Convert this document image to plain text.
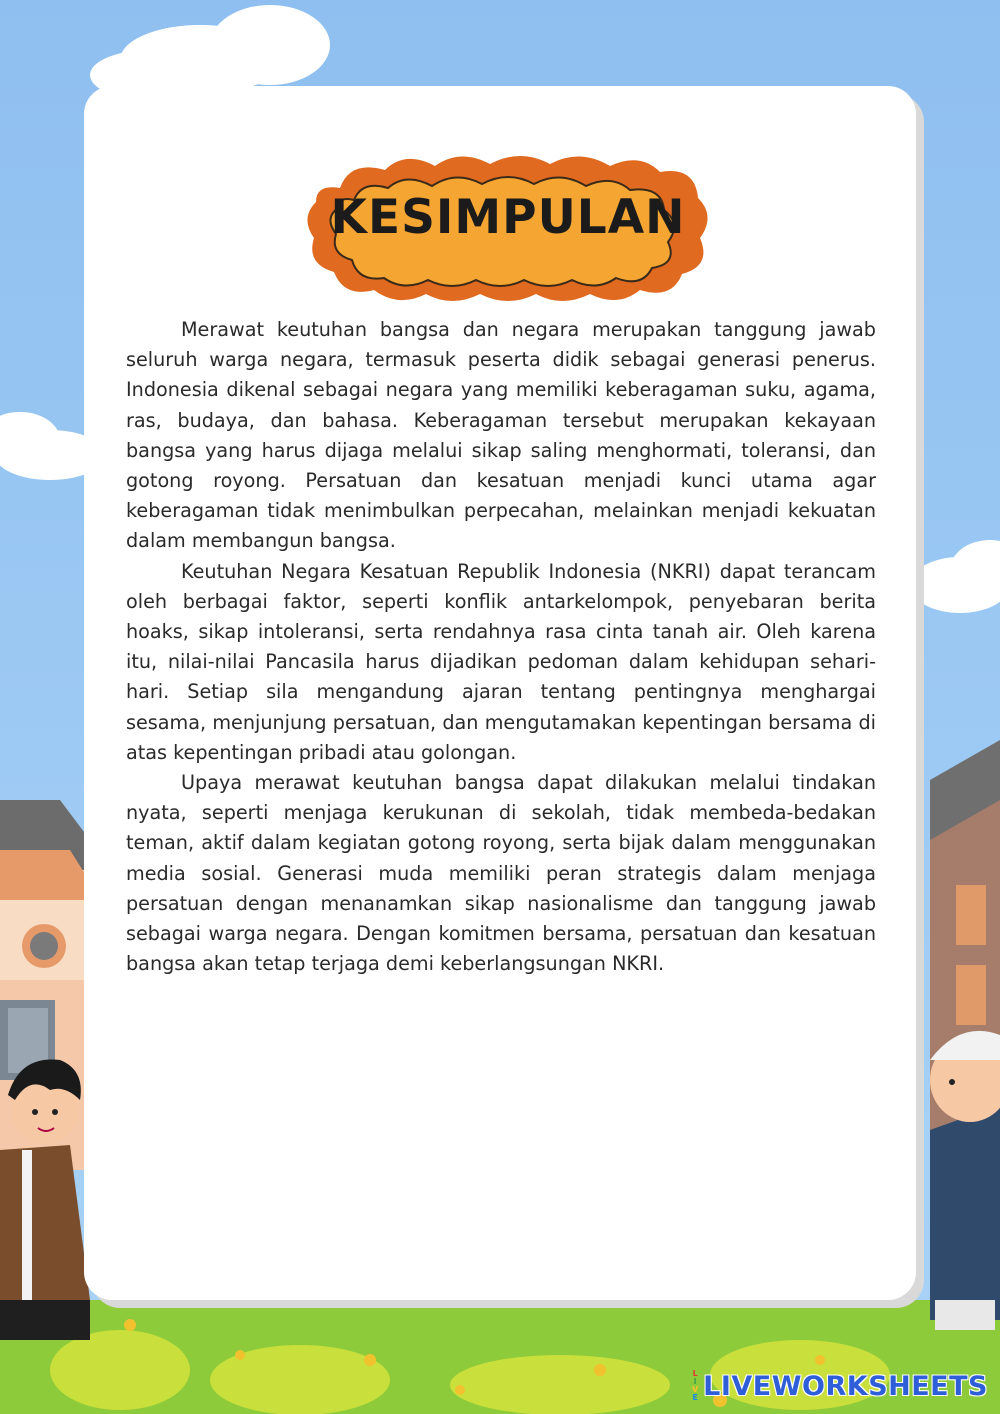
KESIMPULAN

Merawat keutuhan bangsa dan negara merupakan tanggung jawab seluruh warga negara, termasuk peserta didik sebagai generasi penerus. Indonesia dikenal sebagai negara yang memiliki keberagaman suku, agama, ras, budaya, dan bahasa. Keberagaman tersebut merupakan kekayaan bangsa yang harus dijaga melalui sikap saling menghormati, toleransi, dan gotong royong. Persatuan dan kesatuan menjadi kunci utama agar keberagaman tidak menimbulkan perpecahan, melainkan menjadi kekuatan dalam membangun bangsa.

Keutuhan Negara Kesatuan Republik Indonesia (NKRI) dapat terancam oleh berbagai faktor, seperti konflik antarkelompok, penyebaran berita hoaks, sikap intoleransi, serta rendahnya rasa cinta tanah air. Oleh karena itu, nilai-nilai Pancasila harus dijadikan pedoman dalam kehidupan sehari-hari. Setiap sila mengandung ajaran tentang pentingnya menghargai sesama, menjunjung persatuan, dan mengutamakan kepentingan bersama di atas kepentingan pribadi atau golongan.

Upaya merawat keutuhan bangsa dapat dilakukan melalui tindakan nyata, seperti menjaga kerukunan di sekolah, tidak membeda-bedakan teman, aktif dalam kegiatan gotong royong, serta bijak dalam menggunakan media sosial. Generasi muda memiliki peran strategis dalam menjaga persatuan dengan menanamkan sikap nasionalisme dan tanggung jawab sebagai warga negara. Dengan komitmen bersama, persatuan dan kesatuan bangsa akan tetap terjaga demi keberlangsungan NKRI.

L
I
V
E LIVEWORKSHEETS
